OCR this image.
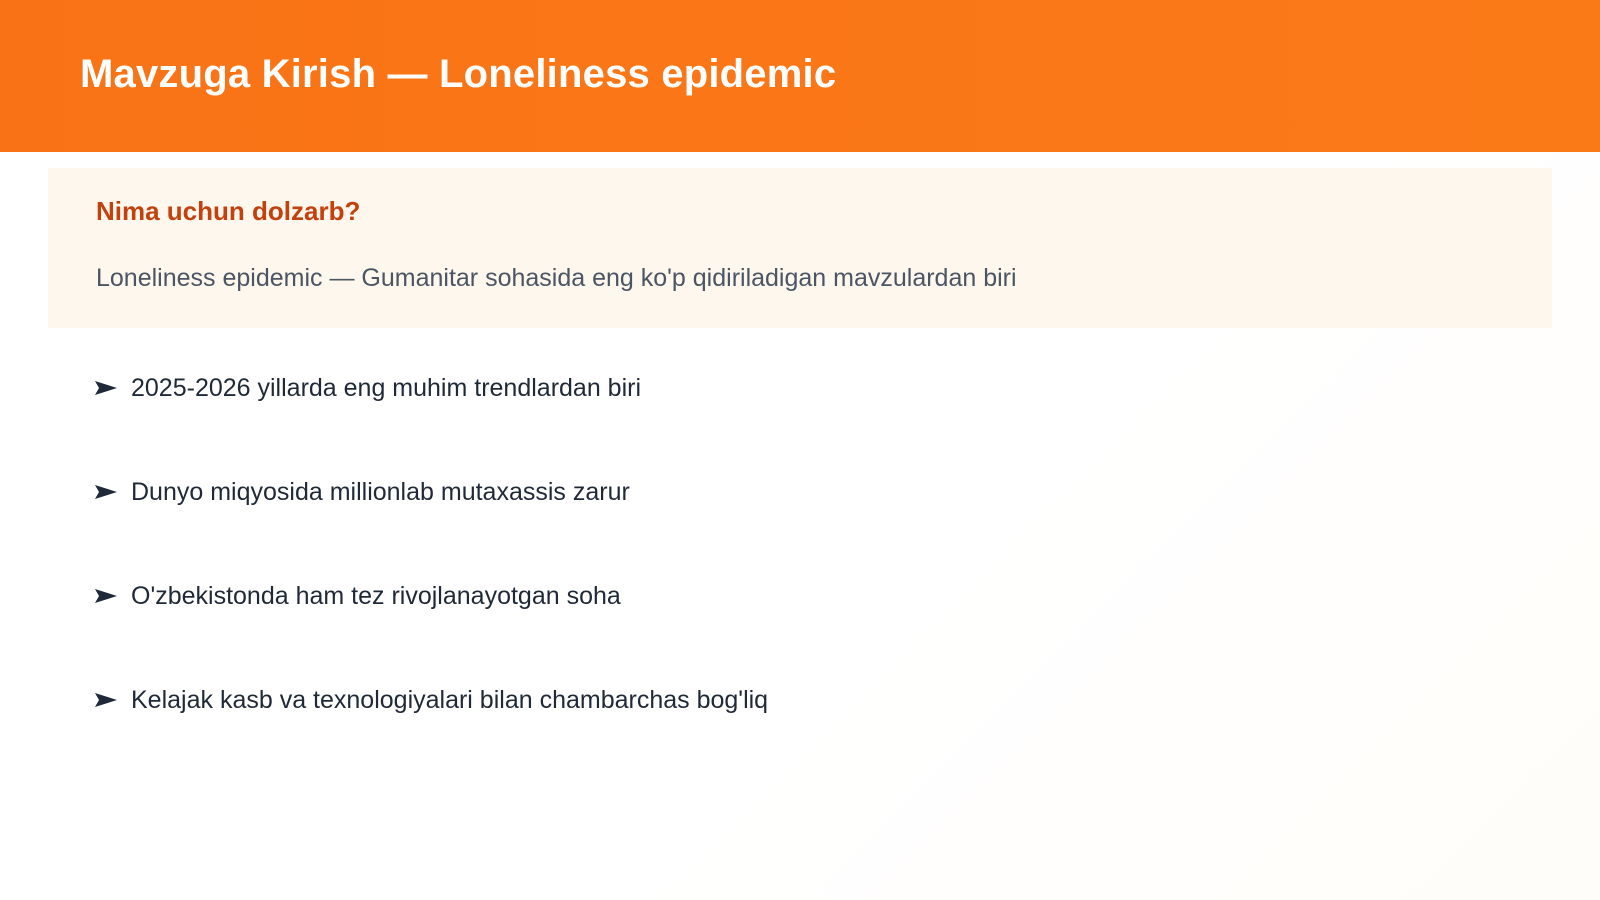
Mavzuga Kirish — Loneliness epidemic
Nima uchun dolzarb?
Loneliness epidemic — Gumanitar sohasida eng ko'p qidiriladigan mavzulardan biri
2025-2026 yillarda eng muhim trendlardan biri
Dunyo miqyosida millionlab mutaxassis zarur
O'zbekistonda ham tez rivojlanayotgan soha
Kelajak kasb va texnologiyalari bilan chambarchas bog'liq
